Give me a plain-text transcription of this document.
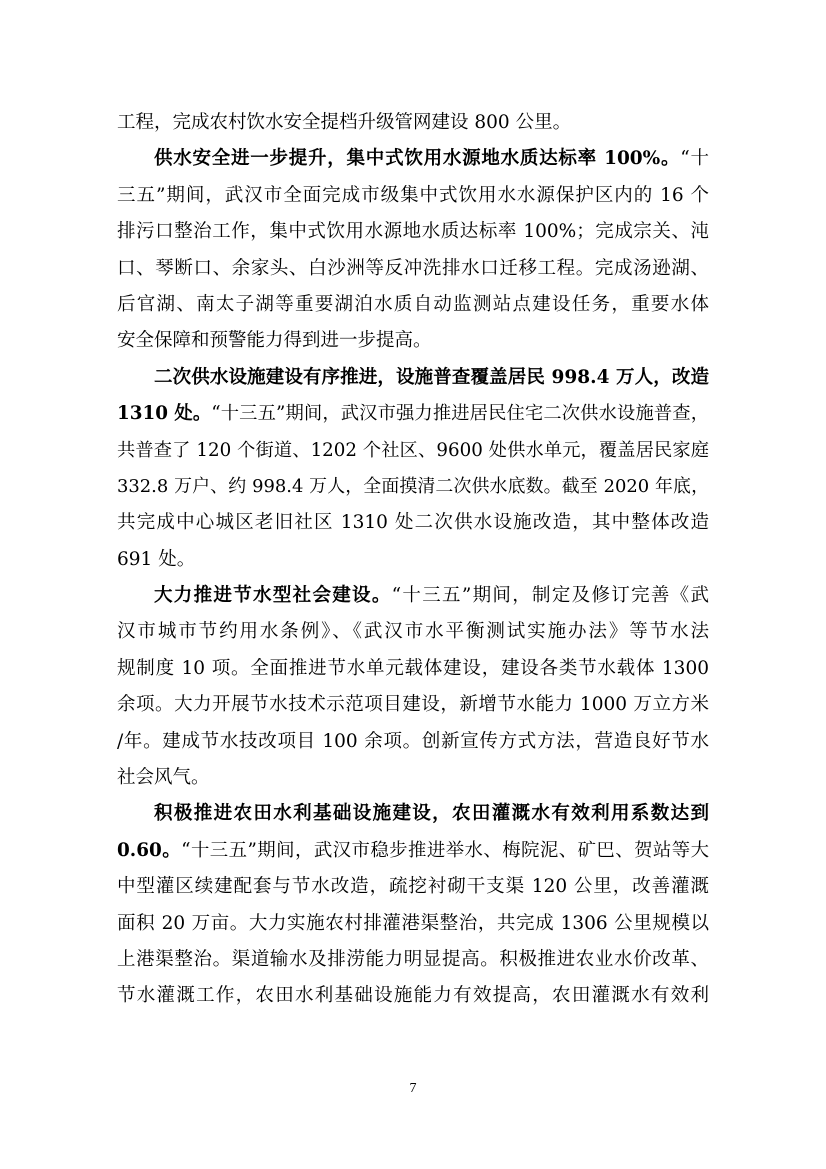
工程，完成农村饮水安全提档升级管网建设 800 公里。
供水安全进一步提升，集中式饮用水源地水质达标率 100%。“十
三五”期间，武汉市全面完成市级集中式饮用水水源保护区内的 16 个
排污口整治工作，集中式饮用水源地水质达标率 100%；完成宗关、沌
口、琴断口、余家头、白沙洲等反冲洗排水口迁移工程。完成汤逊湖、
后官湖、南太子湖等重要湖泊水质自动监测站点建设任务，重要水体
安全保障和预警能力得到进一步提高。
二次供水设施建设有序推进，设施普查覆盖居民 998.4 万人，改造
1310 处。“十三五”期间，武汉市强力推进居民住宅二次供水设施普查，
共普查了 120 个街道、1202 个社区、9600 处供水单元，覆盖居民家庭
332.8 万户、约 998.4 万人，全面摸清二次供水底数。截至 2020 年底，
共完成中心城区老旧社区 1310 处二次供水设施改造，其中整体改造
691 处。
大力推进节水型社会建设。“十三五”期间，制定及修订完善《武
汉市城市节约用水条例》、《武汉市水平衡测试实施办法》等节水法
规制度 10 项。全面推进节水单元载体建设，建设各类节水载体 1300
余项。大力开展节水技术示范项目建设，新增节水能力 1000 万立方米
/年。建成节水技改项目 100 余项。创新宣传方式方法，营造良好节水
社会风气。
积极推进农田水利基础设施建设，农田灌溉水有效利用系数达到
0.60。“十三五”期间，武汉市稳步推进举水、梅院泥、矿巴、贺站等大
中型灌区续建配套与节水改造，疏挖衬砌干支渠 120 公里，改善灌溉
面积 20 万亩。大力实施农村排灌港渠整治，共完成 1306 公里规模以
上港渠整治。渠道输水及排涝能力明显提高。积极推进农业水价改革、
节水灌溉工作，农田水利基础设施能力有效提高，农田灌溉水有效利
7
